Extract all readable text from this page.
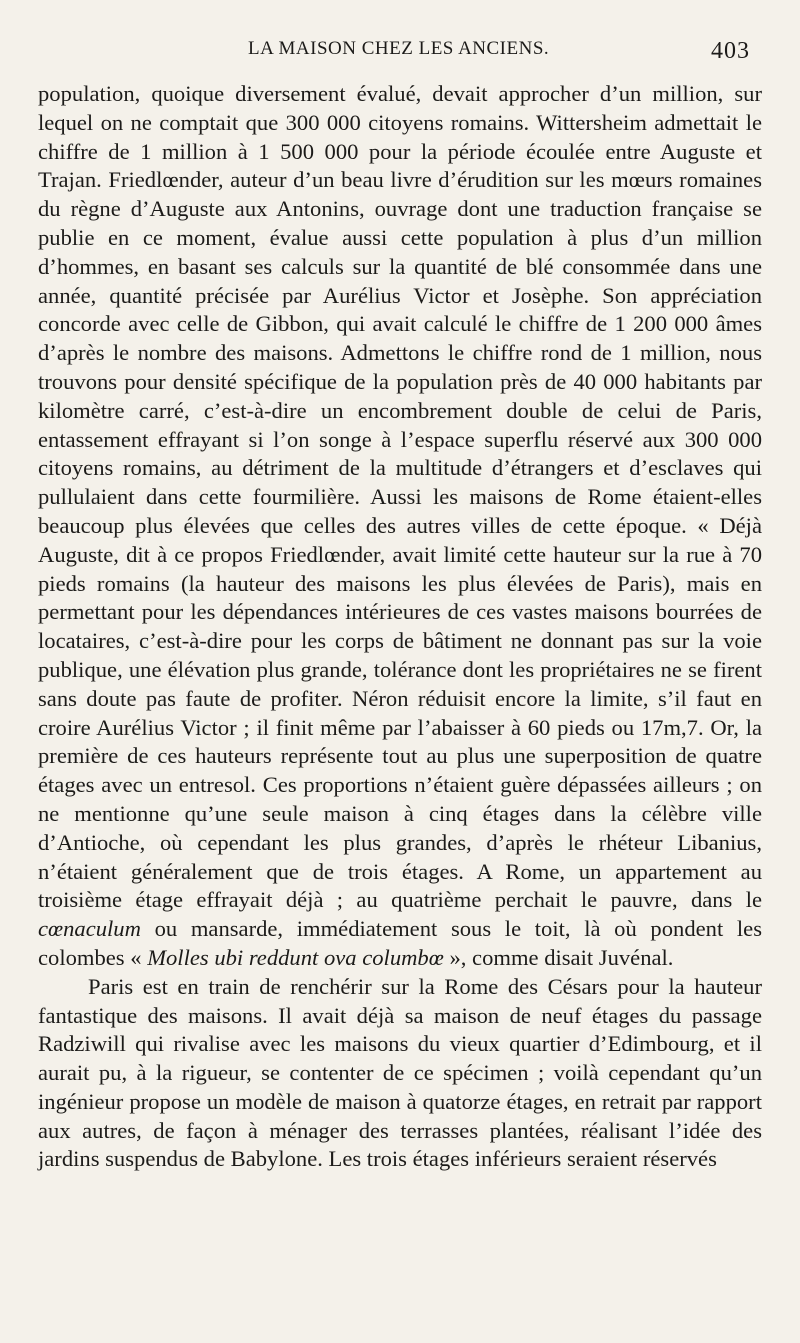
LA MAISON CHEZ LES ANCIENS.	403

population, quoique diversement évalué, devait approcher d’un million, sur lequel on ne comptait que 300 000 citoyens romains. Wittersheim admettait le chiffre de 1 million à 1 500 000 pour la période écoulée entre Auguste et Trajan. Friedlœnder, auteur d’un beau livre d’érudition sur les mœurs romaines du règne d’Auguste aux Antonins, ouvrage dont une traduction française se publie en ce moment, évalue aussi cette population à plus d’un million d’hommes, en basant ses calculs sur la quantité de blé consommée dans une année, quantité précisée par Aurélius Victor et Josèphe. Son appréciation concorde avec celle de Gibbon, qui avait calculé le chiffre de 1 200 000 âmes d’après le nombre des maisons. Admettons le chiffre rond de 1 million, nous trouvons pour densité spécifique de la population près de 40 000 habitants par kilomètre carré, c’est-à-dire un encombrement double de celui de Paris, entassement effrayant si l’on songe à l’espace superflu réservé aux 300 000 citoyens romains, au détriment de la multitude d’étrangers et d’esclaves qui pullulaient dans cette fourmilière. Aussi les maisons de Rome étaient-elles beaucoup plus élevées que celles des autres villes de cette époque. « Déjà Auguste, dit à ce propos Friedlœnder, avait limité cette hauteur sur la rue à 70 pieds romains (la hauteur des maisons les plus élevées de Paris), mais en permettant pour les dépendances intérieures de ces vastes maisons bourrées de locataires, c’est-à-dire pour les corps de bâtiment ne donnant pas sur la voie publique, une élévation plus grande, tolérance dont les propriétaires ne se firent sans doute pas faute de profiter. Néron réduisit encore la limite, s’il faut en croire Aurélius Victor ; il finit même par l’abaisser à 60 pieds ou 17m,7. Or, la première de ces hauteurs représente tout au plus une superposition de quatre étages avec un entresol. Ces proportions n’étaient guère dépassées ailleurs ; on ne mentionne qu’une seule maison à cinq étages dans la célèbre ville d’Antioche, où cependant les plus grandes, d’après le rhéteur Libanius, n’étaient généralement que de trois étages. A Rome, un appartement au troisième étage effrayait déjà ; au quatrième perchait le pauvre, dans le cœnaculum ou mansarde, immédiatement sous le toit, là où pondent les colombes « Molles ubi reddunt ova columbœ », comme disait Juvénal.

Paris est en train de renchérir sur la Rome des Césars pour la hauteur fantastique des maisons. Il avait déjà sa maison de neuf étages du passage Radziwill qui rivalise avec les maisons du vieux quartier d’Edimbourg, et il aurait pu, à la rigueur, se contenter de ce spécimen ; voilà cependant qu’un ingénieur propose un modèle de maison à quatorze étages, en retrait par rapport aux autres, de façon à ménager des terrasses plantées, réalisant l’idée des jardins suspendus de Babylone. Les trois étages inférieurs seraient réservés
